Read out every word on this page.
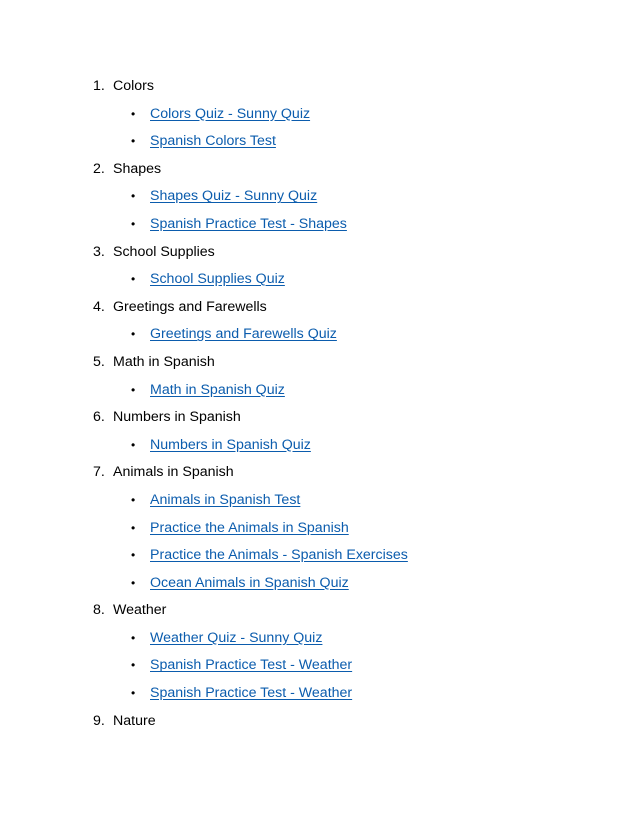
1. Colors
• Colors Quiz - Sunny Quiz
• Spanish Colors Test
2. Shapes
• Shapes Quiz - Sunny Quiz
• Spanish Practice Test - Shapes
3. School Supplies
• School Supplies Quiz
4. Greetings and Farewells
• Greetings and Farewells Quiz
5. Math in Spanish
• Math in Spanish Quiz
6. Numbers in Spanish
• Numbers in Spanish Quiz
7. Animals in Spanish
• Animals in Spanish Test
• Practice the Animals in Spanish
• Practice the Animals - Spanish Exercises
• Ocean Animals in Spanish Quiz
8. Weather
• Weather Quiz - Sunny Quiz
• Spanish Practice Test - Weather
• Spanish Practice Test - Weather
9. Nature
